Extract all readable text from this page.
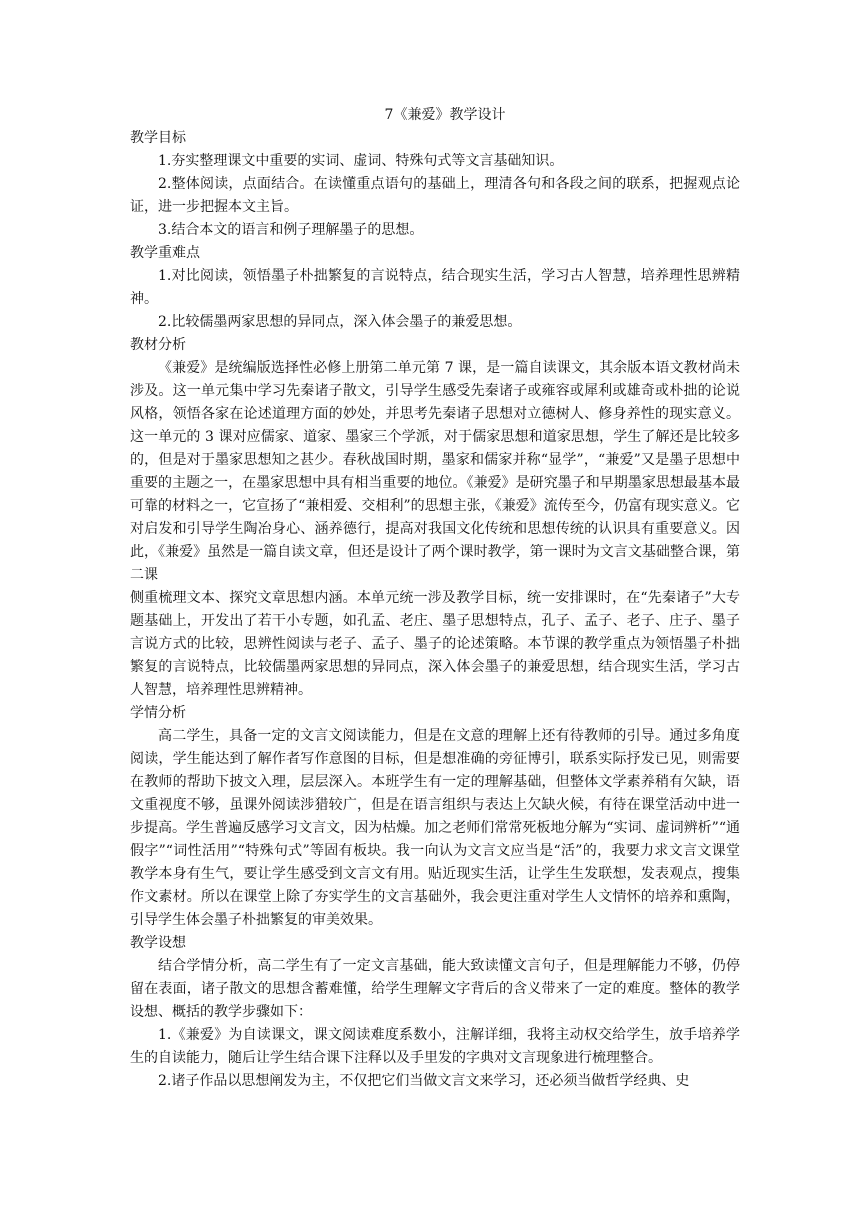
7《兼爱》教学设计
教学目标
1.夯实整理课文中重要的实词、虚词、特殊句式等文言基础知识。
2.整体阅读，点面结合。在读懂重点语句的基础上，理清各句和各段之间的联系，把握观点论证，进一步把握本文主旨。
3.结合本文的语言和例子理解墨子的思想。
教学重难点
1.对比阅读，领悟墨子朴拙繁复的言说特点，结合现实生活，学习古人智慧，培养理性思辨精神。
2.比较儒墨两家思想的异同点，深入体会墨子的兼爱思想。
教材分析
《兼爱》是统编版选择性必修上册第二单元第 7 课，是一篇自读课文，其余版本语文教材尚未涉及。这一单元集中学习先秦诸子散文，引导学生感受先秦诸子或雍容或犀利或雄奇或朴拙的论说风格，领悟各家在论述道理方面的妙处，并思考先秦诸子思想对立德树人、修身养性的现实意义。这一单元的 3 课对应儒家、道家、墨家三个学派，对于儒家思想和道家思想，学生了解还是比较多的，但是对于墨家思想知之甚少。春秋战国时期，墨家和儒家并称“显学”，“兼爱”又是墨子思想中重要的主题之一，在墨家思想中具有相当重要的地位。《兼爱》是研究墨子和早期墨家思想最基本最可靠的材料之一，它宣扬了“兼相爱、交相利”的思想主张，《兼爱》流传至今，仍富有现实意义。它对启发和引导学生陶冶身心、涵养德行，提高对我国文化传统和思想传统的认识具有重要意义。因此，《兼爱》虽然是一篇自读文章，但还是设计了两个课时教学，第一课时为文言文基础整合课，第二课
侧重梳理文本、探究文章思想内涵。本单元统一涉及教学目标，统一安排课时，在“先秦诸子”大专题基础上，开发出了若干小专题，如孔孟、老庄、墨子思想特点，孔子、孟子、老子、庄子、墨子言说方式的比较，思辨性阅读与老子、孟子、墨子的论述策略。本节课的教学重点为领悟墨子朴拙繁复的言说特点，比较儒墨两家思想的异同点，深入体会墨子的兼爱思想，结合现实生活，学习古人智慧，培养理性思辨精神。
学情分析
高二学生，具备一定的文言文阅读能力，但是在文意的理解上还有待教师的引导。通过多角度阅读，学生能达到了解作者写作意图的目标，但是想准确的旁征博引，联系实际抒发已见，则需要在教师的帮助下披文入理，层层深入。本班学生有一定的理解基础，但整体文学素养稍有欠缺，语文重视度不够，虽课外阅读涉猎较广，但是在语言组织与表达上欠缺火候，有待在课堂活动中进一步提高。学生普遍反感学习文言文，因为枯燥。加之老师们常常死板地分解为“实词、虚词辨析”“通假字”“词性活用”“特殊句式”等固有板块。我一向认为文言文应当是“活”的，我要力求文言文课堂教学本身有生气，要让学生感受到文言文有用。贴近现实生活，让学生生发联想，发表观点，搜集作文素材。所以在课堂上除了夯实学生的文言基础外，我会更注重对学生人文情怀的培养和熏陶，引导学生体会墨子朴拙繁复的审美效果。
教学设想
结合学情分析，高二学生有了一定文言基础，能大致读懂文言句子，但是理解能力不够，仍停留在表面，诸子散文的思想含蓄难懂，给学生理解文字背后的含义带来了一定的难度。整体的教学设想、概括的教学步骤如下：
1.《兼爱》为自读课文，课文阅读难度系数小，注解详细，我将主动权交给学生，放手培养学生的自读能力，随后让学生结合课下注释以及手里发的字典对文言现象进行梳理整合。
2.诸子作品以思想阐发为主，不仅把它们当做文言文来学习，还必须当做哲学经典、史
